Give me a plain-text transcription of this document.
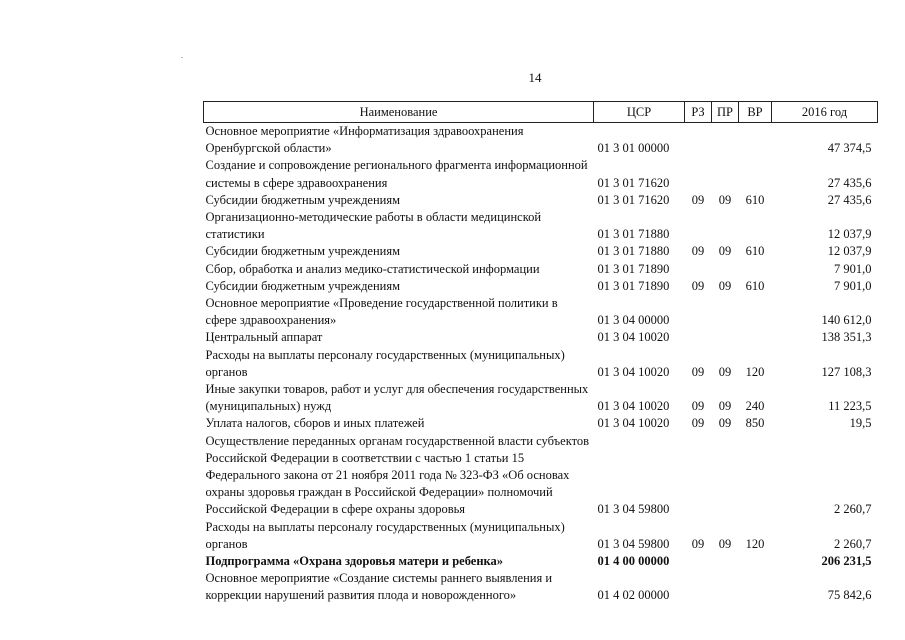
14
Наименование	ЦСР	РЗ	ПР	ВР	2016 год
Основное мероприятие «Информатизация здравоохранения Оренбургской области»	01 3 01 00000				47 374,5
Создание и сопровождение регионального фрагмента информационной системы в сфере здравоохранения	01 3 01 71620				27 435,6
Субсидии бюджетным учреждениям	01 3 01 71620	09	09	610	27 435,6
Организационно-методические работы в области медицинской статистики	01 3 01 71880				12 037,9
Субсидии бюджетным учреждениям	01 3 01 71880	09	09	610	12 037,9
Сбор, обработка и анализ медико-статистической информации	01 3 01 71890				7 901,0
Субсидии бюджетным учреждениям	01 3 01 71890	09	09	610	7 901,0
Основное мероприятие «Проведение государственной политики в сфере здравоохранения»	01 3 04 00000				140 612,0
Центральный аппарат	01 3 04 10020				138 351,3
Расходы на выплаты персоналу государственных (муниципальных) органов	01 3 04 10020	09	09	120	127 108,3
Иные закупки товаров, работ и услуг для обеспечения государственных (муниципальных) нужд	01 3 04 10020	09	09	240	11 223,5
Уплата налогов, сборов и иных платежей	01 3 04 10020	09	09	850	19,5
Осуществление переданных органам государственной власти субъектов Российской Федерации в соответствии с частью 1 статьи 15 Федерального закона от 21 ноября 2011 года № 323-ФЗ «Об основах охраны здоровья граждан в Российской Федерации» полномочий Российской Федерации в сфере охраны здоровья	01 3 04 59800				2 260,7
Расходы на выплаты персоналу государственных (муниципальных) органов	01 3 04 59800	09	09	120	2 260,7
Подпрограмма «Охрана здоровья матери и ребенка»	01 4 00 00000				206 231,5
Основное мероприятие «Создание системы раннего выявления и коррекции нарушений развития плода и новорожденного»	01 4 02 00000				75 842,6
